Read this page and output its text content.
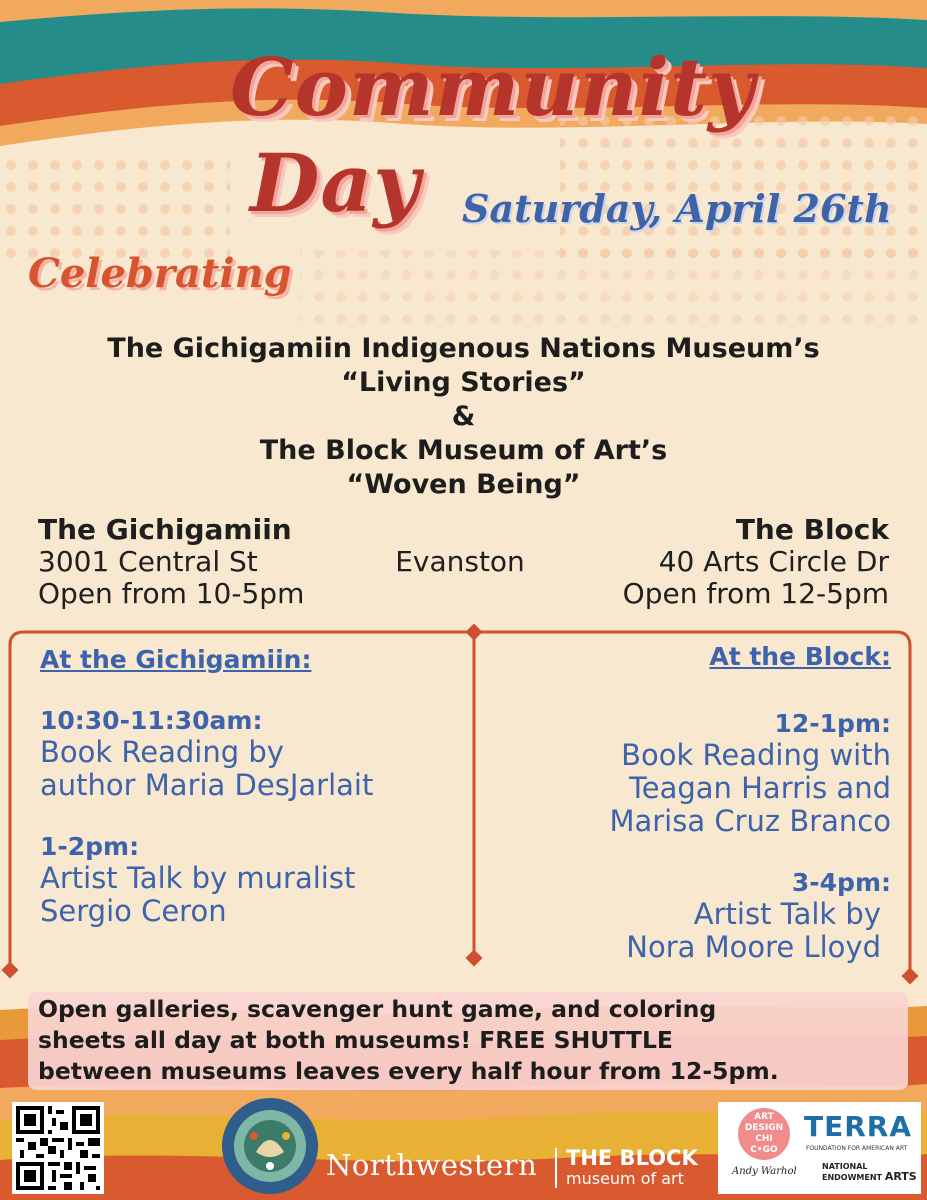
Community
Day Saturday, April 26th
Celebrating
The Gichigamiin Indigenous Nations Museum’s
“Living Stories”
&
The Block Museum of Art’s
“Woven Being”
The Gichigamiin
3001 Central St
Open from 10-5pm
Evanston
The Block
40 Arts Circle Dr
Open from 12-5pm
At the Gichigamiin:
10:30-11:30am:
Book Reading by
author Maria DesJarlait
1-2pm:
Artist Talk by muralist
Sergio Ceron
At the Block:
12-1pm:
Book Reading with
Teagan Harris and
Marisa Cruz Branco
3-4pm:
Artist Talk by
Nora Moore Lloyd
Open galleries, scavenger hunt game, and coloring
sheets all day at both museums! FREE SHUTTLE
between museums leaves every half hour from 12-5pm.
Northwestern THE BLOCK
museum of art
ART
DESIGN
CHI
C•GO
TERRA
FOUNDATION FOR AMERICAN ART
Andy Warhol	NATIONAL
ENDOWMENT ARTS
